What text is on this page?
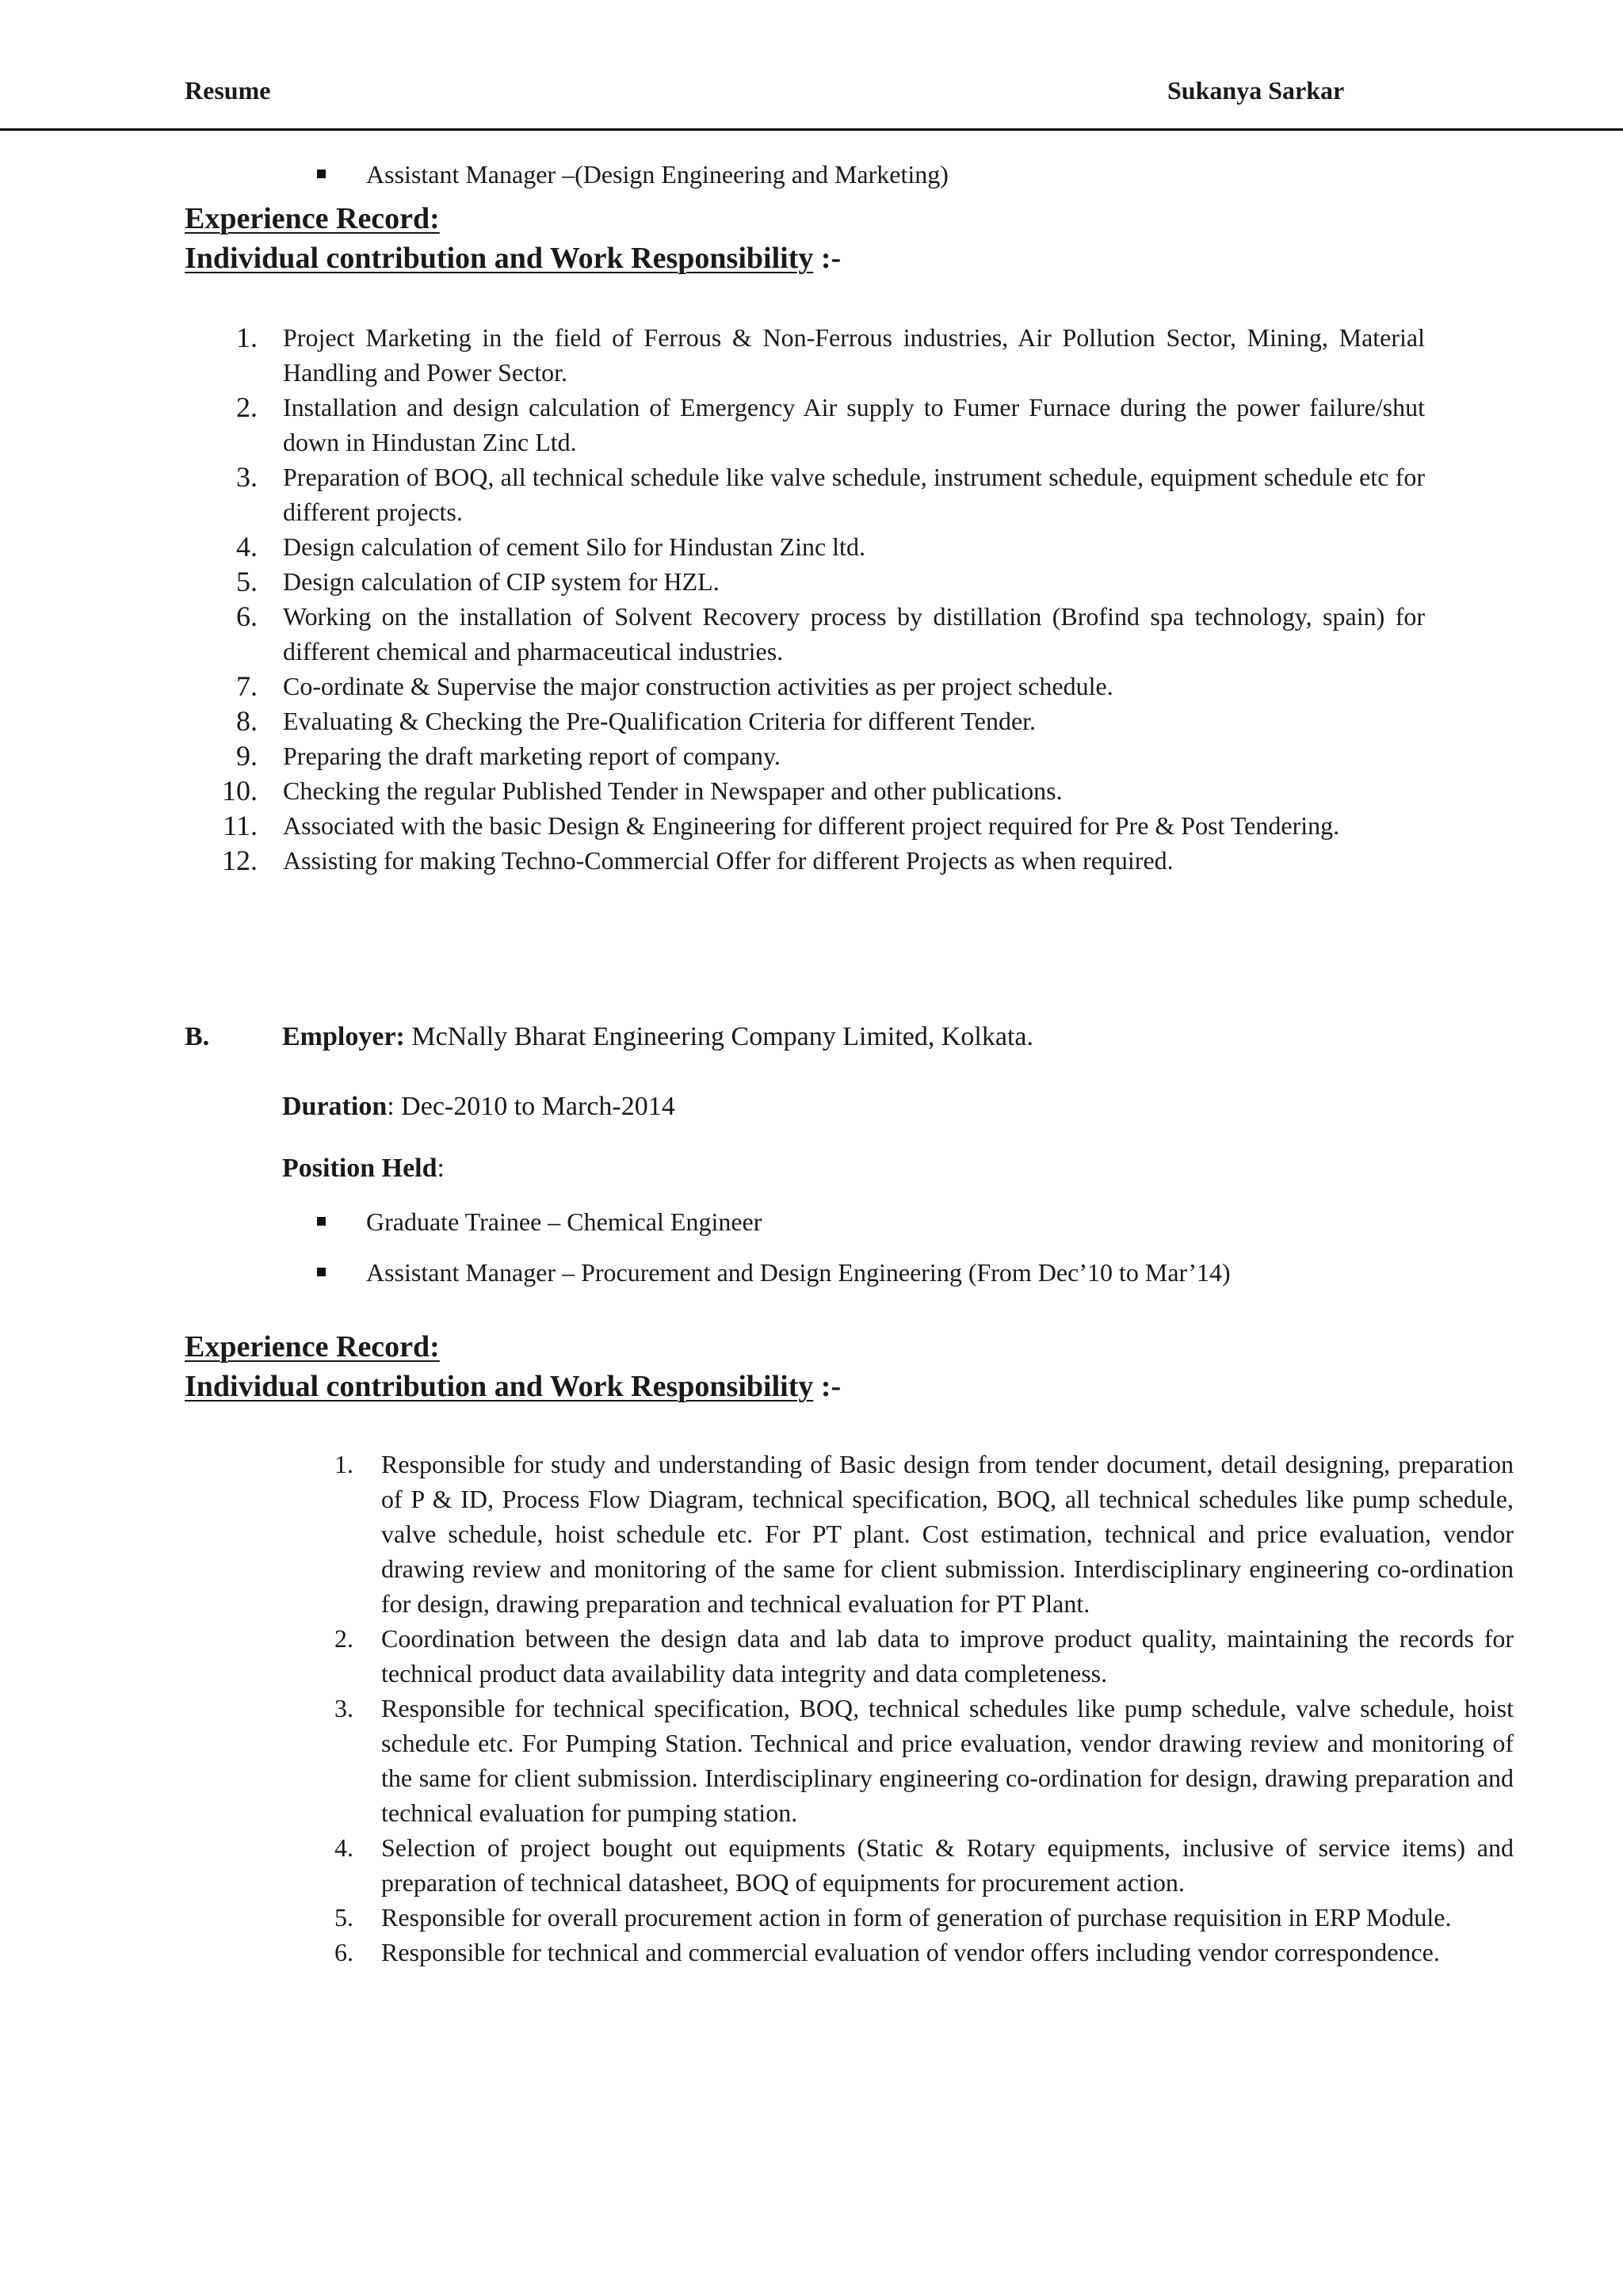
Resume	Sukanya Sarkar
Assistant Manager –(Design Engineering and Marketing)
Experience Record:
Individual contribution and Work Responsibility :-
1. Project Marketing in the field of Ferrous & Non-Ferrous industries, Air Pollution Sector, Mining, Material Handling and Power Sector.
2. Installation and design calculation of Emergency Air supply to Fumer Furnace during the power failure/shut down in Hindustan Zinc Ltd.
3. Preparation of BOQ, all technical schedule like valve schedule, instrument schedule, equipment schedule etc for different projects.
4. Design calculation of cement Silo for Hindustan Zinc ltd.
5. Design calculation of CIP system for HZL.
6. Working on the installation of Solvent Recovery process by distillation (Brofind spa technology, spain) for different chemical and pharmaceutical industries.
7. Co-ordinate & Supervise the major construction activities as per project schedule.
8. Evaluating & Checking the Pre-Qualification Criteria for different Tender.
9. Preparing the draft marketing report of company.
10. Checking the regular Published Tender in Newspaper and other publications.
11. Associated with the basic Design & Engineering for different project required for Pre & Post Tendering.
12. Assisting for making Techno-Commercial Offer for different Projects as when required.
B.	Employer: McNally Bharat Engineering Company Limited, Kolkata.
Duration: Dec-2010 to March-2014
Position Held:
Graduate Trainee – Chemical Engineer
Assistant Manager – Procurement and Design Engineering (From Dec’10 to Mar’14)
Experience Record:
Individual contribution and Work Responsibility :-
1. Responsible for study and understanding of Basic design from tender document, detail designing, preparation of P & ID, Process Flow Diagram, technical specification, BOQ, all technical schedules like pump schedule, valve schedule, hoist schedule etc. For PT plant. Cost estimation, technical and price evaluation, vendor drawing review and monitoring of the same for client submission. Interdisciplinary engineering co-ordination for design, drawing preparation and technical evaluation for PT Plant.
2. Coordination between the design data and lab data to improve product quality, maintaining the records for technical product data availability data integrity and data completeness.
3. Responsible for technical specification, BOQ, technical schedules like pump schedule, valve schedule, hoist schedule etc. For Pumping Station. Technical and price evaluation, vendor drawing review and monitoring of the same for client submission. Interdisciplinary engineering co-ordination for design, drawing preparation and technical evaluation for pumping station.
4. Selection of project bought out equipments (Static & Rotary equipments, inclusive of service items) and preparation of technical datasheet, BOQ of equipments for procurement action.
5. Responsible for overall procurement action in form of generation of purchase requisition in ERP Module.
6. Responsible for technical and commercial evaluation of vendor offers including vendor correspondence.
